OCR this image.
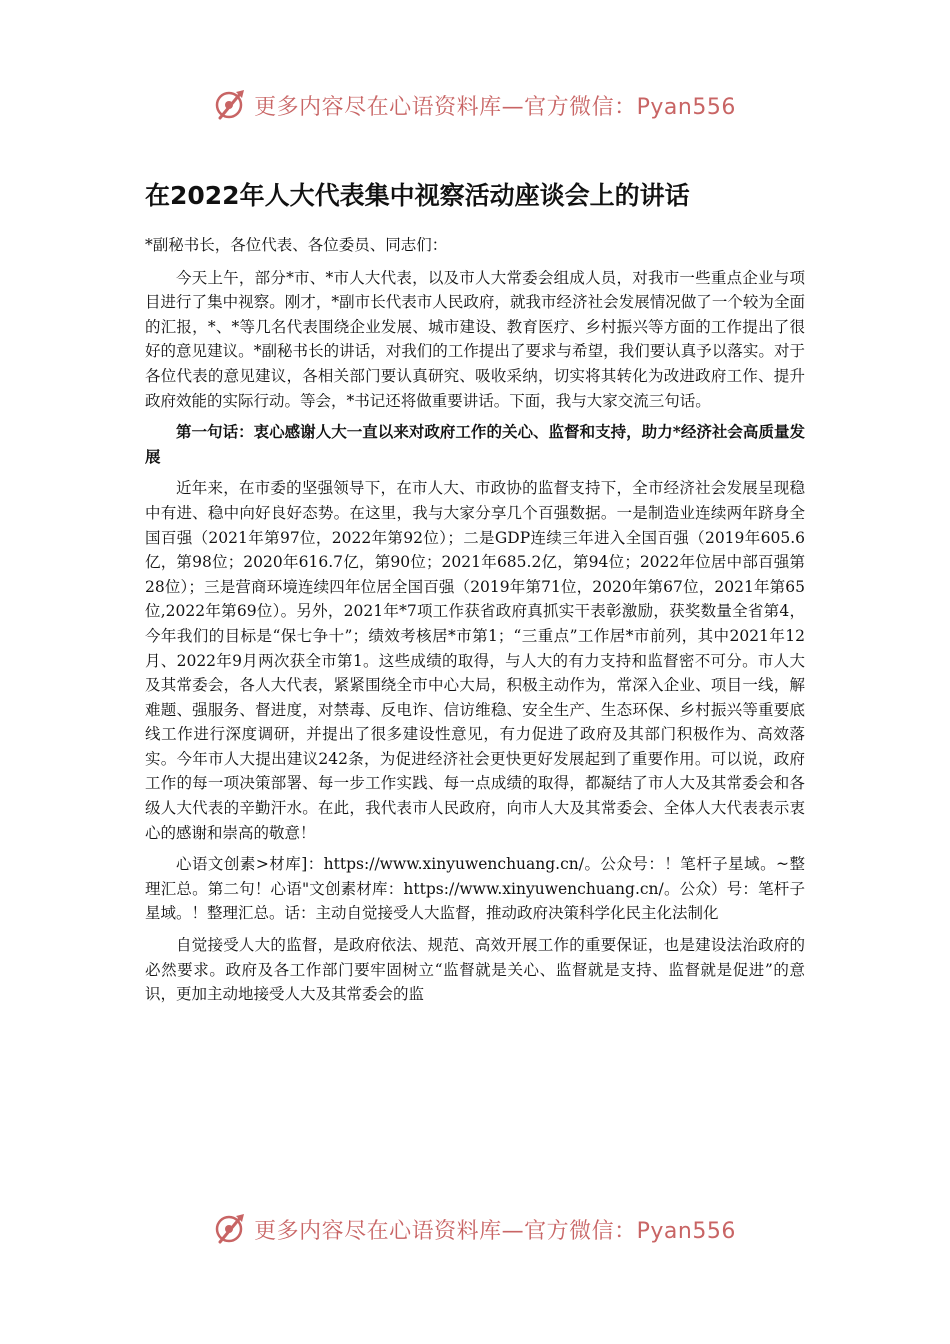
更多内容尽在心语资料库—官方微信：Pyan556
在2022年人大代表集中视察活动座谈会上的讲话

*副秘书长，各位代表、各位委员、同志们：

今天上午，部分*市、*市人大代表，以及市人大常委会组成人员，对我市一些重点企业与项目进行了集中视察。刚才，*副市长代表市人民政府，就我市经济社会发展情况做了一个较为全面的汇报，*、*等几名代表围绕企业发展、城市建设、教育医疗、乡村振兴等方面的工作提出了很好的意见建议。*副秘书长的讲话，对我们的工作提出了要求与希望，我们要认真予以落实。对于各位代表的意见建议，各相关部门要认真研究、吸收采纳，切实将其转化为改进政府工作、提升政府效能的实际行动。等会，*书记还将做重要讲话。下面，我与大家交流三句话。

第一句话：衷心感谢人大一直以来对政府工作的关心、监督和支持，助力*经济社会高质量发展

近年来，在市委的坚强领导下，在市人大、市政协的监督支持下，全市经济社会发展呈现稳中有进、稳中向好良好态势。在这里，我与大家分享几个百强数据。一是制造业连续两年跻身全国百强（2021年第97位，2022年第92位）；二是GDP连续三年进入全国百强（2019年605.6亿，第98位；2020年616.7亿，第90位；2021年685.2亿，第94位；2022年位居中部百强第28位）；三是营商环境连续四年位居全国百强（2019年第71位，2020年第67位，2021年第65位,2022年第69位）。另外，2021年*7项工作获省政府真抓实干表彰激励，获奖数量全省第4，今年我们的目标是“保七争十”；绩效考核居*市第1；“三重点”工作居*市前列，其中2021年12月、2022年9月两次获全市第1。这些成绩的取得，与人大的有力支持和监督密不可分。市人大及其常委会，各人大代表，紧紧围绕全市中心大局，积极主动作为，常深入企业、项目一线，解难题、强服务、督进度，对禁毒、反电诈、信访维稳、安全生产、生态环保、乡村振兴等重要底线工作进行深度调研，并提出了很多建设性意见，有力促进了政府及其部门积极作为、高效落实。今年市人大提出建议242条，为促进经济社会更快更好发展起到了重要作用。可以说，政府工作的每一项决策部署、每一步工作实践、每一点成绩的取得，都凝结了市人大及其常委会和各级人大代表的辛勤汗水。在此，我代表市人民政府，向市人大及其常委会、全体人大代表表示衷心的感谢和崇高的敬意！

心语文创素>材库]：https://www.xinyuwenchuang.cn/。公众号：！笔杆子星域。~整理汇总。第二句！心语"文创素材库：https://www.xinyuwenchuang.cn/。公众）号：笔杆子星域。！整理汇总。话：主动自觉接受人大监督，推动政府决策科学化民主化法制化

自觉接受人大的监督，是政府依法、规范、高效开展工作的重要保证，也是建设法治政府的必然要求。政府及各工作部门要牢固树立“监督就是关心、监督就是支持、监督就是促进”的意识，更加主动地接受人大及其常委会的监

更多内容尽在心语资料库—官方微信：Pyan556
